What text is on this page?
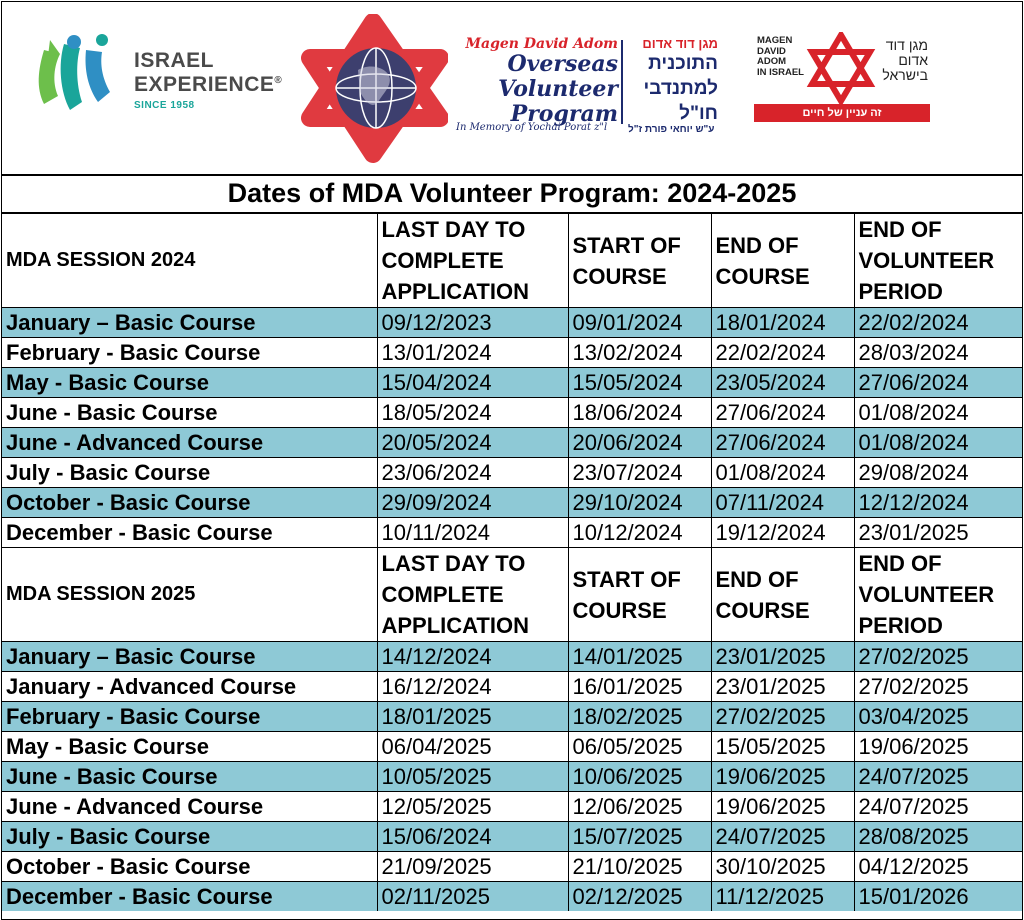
ISRAEL
EXPERIENCE®
SINCE 1958
Magen David Adom
Overseas
Volunteer
Program
מגן דוד אדום
התוכנית
למתנדבי
חו"ל
In Memory of Yochai Porat z"l ע"ש יוחאי פורת ז"ל
MAGEN
DAVID
ADOM
IN ISRAEL
מגן דוד
אדום
בישראל
זה עניין של חיים
Dates of MDA Volunteer Program: 2024-2025
MDA SESSION 2024	LAST DAY TO COMPLETE APPLICATION	START OF COURSE	END OF COURSE	END OF VOLUNTEER PERIOD
January – Basic Course	09/12/2023	09/01/2024	18/01/2024	22/02/2024
February - Basic Course	13/01/2024	13/02/2024	22/02/2024	28/03/2024
May - Basic Course	15/04/2024	15/05/2024	23/05/2024	27/06/2024
June - Basic Course	18/05/2024	18/06/2024	27/06/2024	01/08/2024
June - Advanced Course	20/05/2024	20/06/2024	27/06/2024	01/08/2024
July - Basic Course	23/06/2024	23/07/2024	01/08/2024	29/08/2024
October - Basic Course	29/09/2024	29/10/2024	07/11/2024	12/12/2024
December - Basic Course	10/11/2024	10/12/2024	19/12/2024	23/01/2025
MDA SESSION 2025	LAST DAY TO COMPLETE APPLICATION	START OF COURSE	END OF COURSE	END OF VOLUNTEER PERIOD
January – Basic Course	14/12/2024	14/01/2025	23/01/2025	27/02/2025
January - Advanced Course	16/12/2024	16/01/2025	23/01/2025	27/02/2025
February - Basic Course	18/01/2025	18/02/2025	27/02/2025	03/04/2025
May - Basic Course	06/04/2025	06/05/2025	15/05/2025	19/06/2025
June - Basic Course	10/05/2025	10/06/2025	19/06/2025	24/07/2025
June - Advanced Course	12/05/2025	12/06/2025	19/06/2025	24/07/2025
July - Basic Course	15/06/2024	15/07/2025	24/07/2025	28/08/2025
October - Basic Course	21/09/2025	21/10/2025	30/10/2025	04/12/2025
December - Basic Course	02/11/2025	02/12/2025	11/12/2025	15/01/2026
